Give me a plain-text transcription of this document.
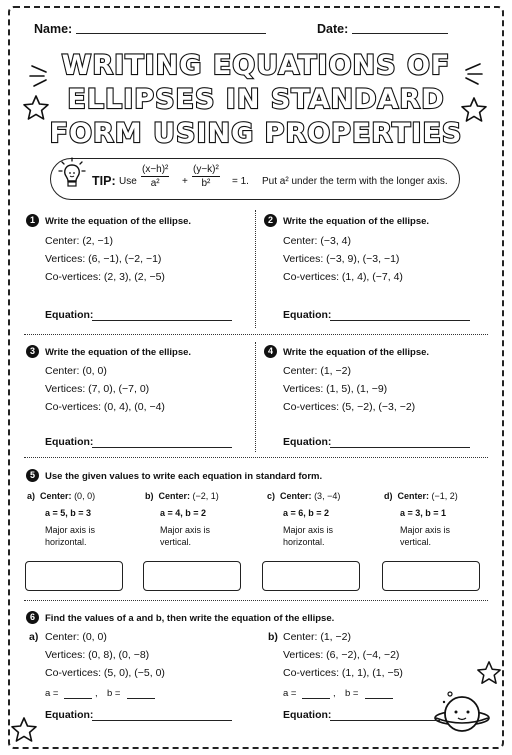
Name:	Date:
WRITING EQUATIONS OF
ELLIPSES IN STANDARD
FORM USING PROPERTIES
TIP: Use $\frac{\text{(x−h)²}}{\text{a²}} + \frac{\text{(y−k)²}}{\text{b²}} = 1$. Put a² under the term with the longer axis.
1	Write the equation of the ellipse.
Center: (2, −1)
Vertices: (6, −1), (−2, −1)
Co-vertices: (2, 3), (2, −5)
Equation:
2	Write the equation of the ellipse.
Center: (−3, 4)
Vertices: (−3, 9), (−3, −1)
Co-vertices: (1, 4), (−7, 4)
Equation:
3	Write the equation of the ellipse.
Center: (0, 0)
Vertices: (7, 0), (−7, 0)
Co-vertices: (0, 4), (0, −4)
Equation:
4	Write the equation of the ellipse.
Center: (1, −2)
Vertices: (1, 5), (1, −9)
Co-vertices: (5, −2), (−3, −2)
Equation:
5	Use the given values to write each equation in standard form.
a) Center: (0, 0)
a = 5, b = 3
Major axis is
horizontal.
b) Center: (−2, 1)
a = 4, b = 2
Major axis is
vertical.
c) Center: (3, −4)
a = 6, b = 2
Major axis is
horizontal.
d) Center: (−1, 2)
a = 3, b = 1
Major axis is
vertical.
6	Find the values of a and b, then write the equation of the ellipse.
a) Center: (0, 0)
Vertices: (0, 8), (0, −8)
Co-vertices: (5, 0), (−5, 0)
a =	, b =
Equation:
b) Center: (1, −2)
Vertices: (6, −2), (−4, −2)
Co-vertices: (1, 1), (1, −5)
a =	, b =
Equation:
